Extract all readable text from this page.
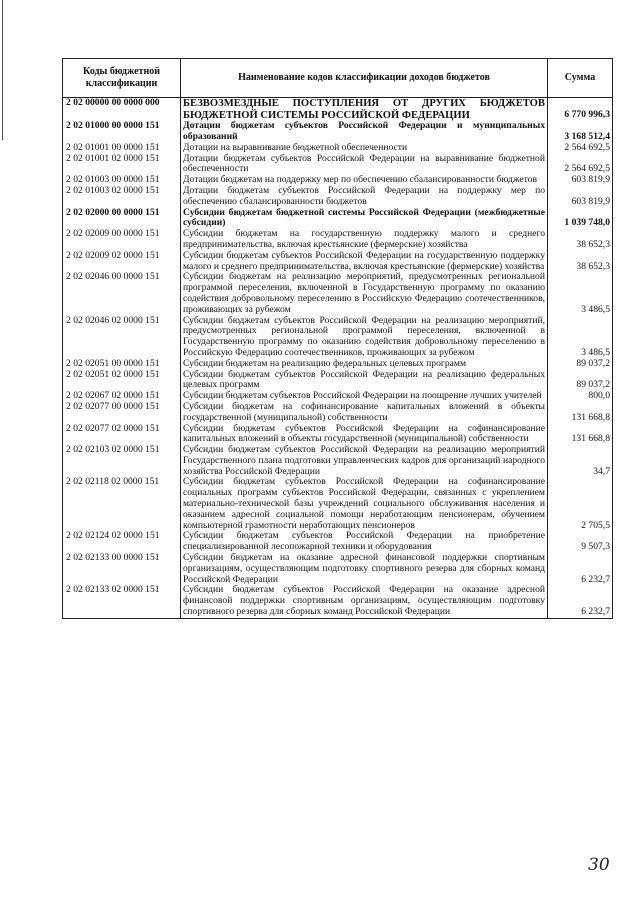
Коды бюджетной классификации	Наименование кодов классификации доходов бюджетов	Сумма
2 02 00000 00 0000 000	БЕЗВОЗМЕЗДНЫЕ ПОСТУПЛЕНИЯ ОТ ДРУГИХ БЮДЖЕТОВ БЮДЖЕТНОЙ СИСТЕМЫ РОССИЙСКОЙ ФЕДЕРАЦИИ	6 770 996,3
2 02 01000 00 0000 151	Дотации бюджетам субъектов Российской Федерации и муниципальных образований	3 168 512,4
2 02 01001 00 0000 151	Дотации на выравнивание бюджетной обеспеченности	2 564 692,5
2 02 01001 02 0000 151	Дотации бюджетам субъектов Российской Федерации на выравнивание бюджетной обеспеченности	2 564 692,5
2 02 01003 00 0000 151	Дотации бюджетам на поддержку мер по обеспечению сбалансированности бюджетов	603 819,9
2 02 01003 02 0000 151	Дотации бюджетам субъектов Российской Федерации на поддержку мер по обеспечению сбалансированности бюджетов	603 819,9
2 02 02000 00 0000 151	Субсидии бюджетам бюджетной системы Российской Федерации (межбюджетные субсидии)	1 039 748,0
2 02 02009 00 0000 151	Субсидии бюджетам на государственную поддержку малого и среднего предпринимательства, включая крестьянские (фермерские) хозяйства	38 652,3
2 02 02009 02 0000 151	Субсидии бюджетам субъектов Российской Федерации на государственную поддержку малого и среднего предпринимательства, включая крестьянские (фермерские) хозяйства	38 652,3
2 02 02046 00 0000 151	Субсидии бюджетам на реализацию мероприятий, предусмотренных региональной программой переселения, включенной в Государственную программу по оказанию содействия добровольному переселению в Российскую Федерацию соотечественников, проживающих за рубежом	3 486,5
2 02 02046 02 0000 151	Субсидии бюджетам субъектов Российской Федерации на реализацию мероприятий, предусмотренных региональной программой переселения, включенной в Государственную программу по оказанию содействия добровольному переселению в Российскую Федерацию соотечественников, проживающих за рубежом	3 486,5
2 02 02051 00 0000 151	Субсидии бюджетам на реализацию федеральных целевых программ	89 037,2
2 02 02051 02 0000 151	Субсидии бюджетам субъектов Российской Федерации на реализацию федеральных целевых программ	89 037,2
2 02 02067 02 0000 151	Субсидии бюджетам субъектов Российской Федерации на поощрение лучших учителей	800,0
2 02 02077 00 0000 151	Субсидии бюджетам на софинансирование капитальных вложений в объекты государственной (муниципальной) собственности	131 668,8
2 02 02077 02 0000 151	Субсидии бюджетам субъектов Российской Федерации на софинансирование капитальных вложений в объекты государственной (муниципальной) собственности	131 668,8
2 02 02103 02 0000 151	Субсидии бюджетам субъектов Российской Федерации на реализацию мероприятий Государственного плана подготовки управленческих кадров для организаций народного хозяйства Российской Федерации	34,7
2 02 02118 02 0000 151	Субсидии бюджетам субъектов Российской Федерации на софинансирование социальных программ субъектов Российской Федерации, связанных с укреплением материально-технической базы учреждений социального обслуживания населения и оказанием адресной социальной помощи неработающим пенсионерам, обучением компьютерной грамотности неработающих пенсионеров	2 705,5
2 02 02124 02 0000 151	Субсидии бюджетам субъектов Российской Федерации на приобретение специализированной лесопожарной техники и оборудования	9 507,3
2 02 02133 00 0000 151	Субсидии бюджетам на оказание адресной финансовой поддержки спортивным организациям, осуществляющим подготовку спортивного резерва для сборных команд Российской Федерации	6 232,7
2 02 02133 02 0000 151	Субсидии бюджетам субъектов Российской Федерации на оказание адресной финансовой поддержки спортивным организациям, осуществляющим подготовку спортивного резерва для сборных команд Российской Федерации	6 232,7
30
